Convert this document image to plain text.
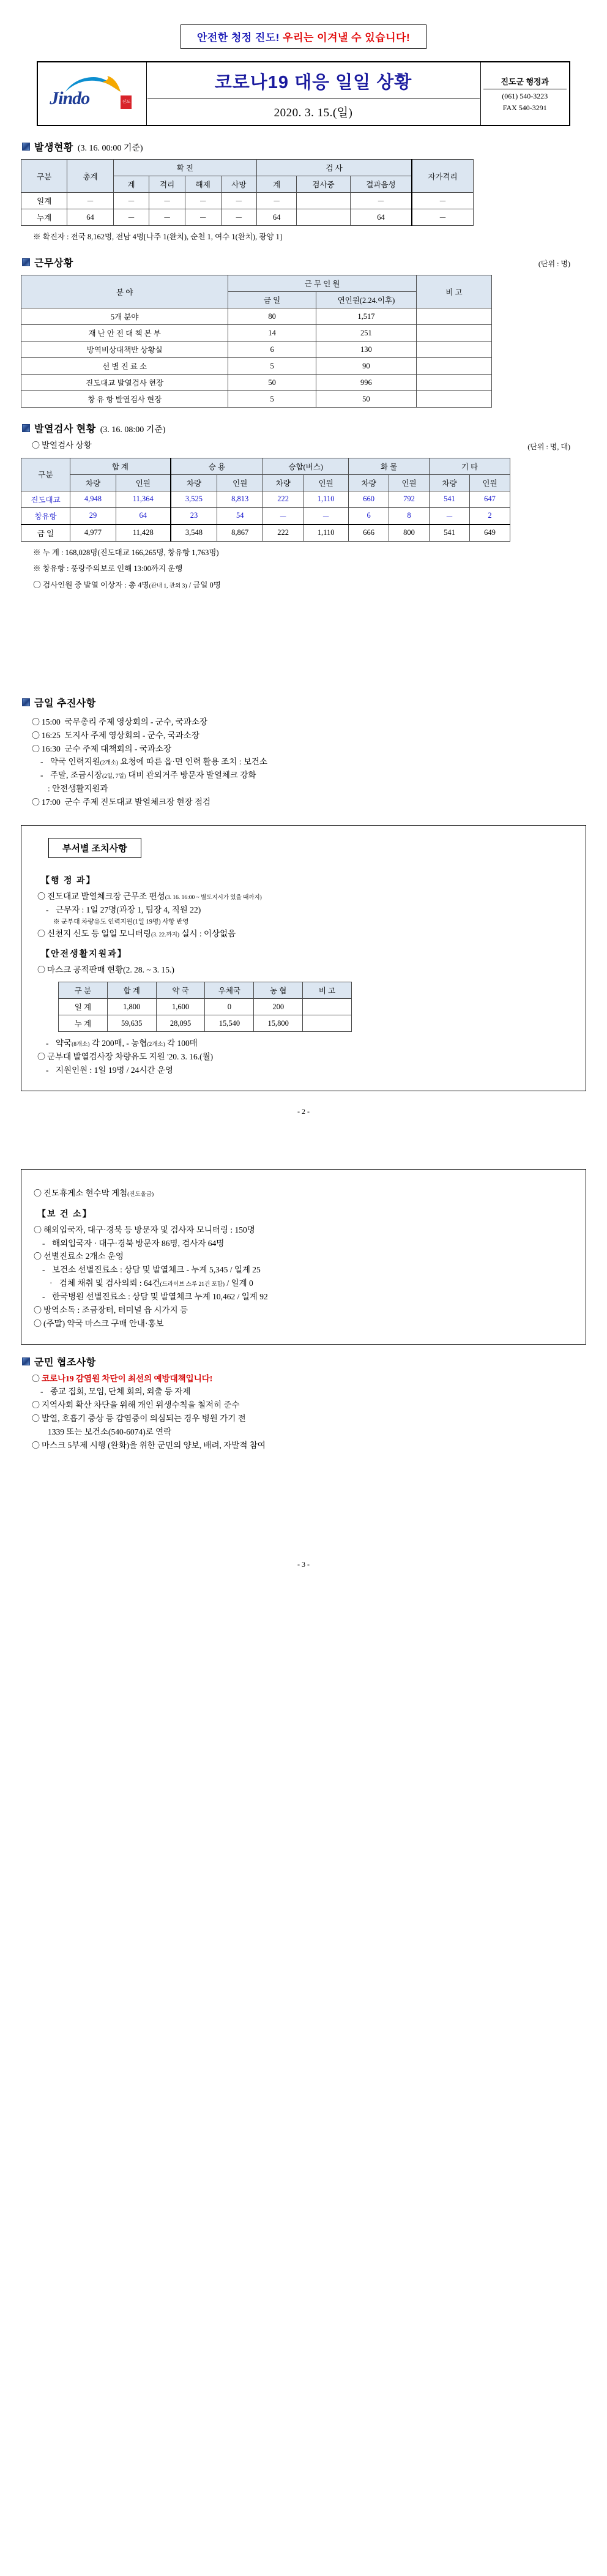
안전한 청정 진도! 우리는 이겨낼 수 있습니다!
Jindo	진도

코로나19 대응 일일 상황
2020. 3. 15.(일)

진도군 행정과
(061) 540-3223
FAX 540-3291
발생현황 (3. 16. 00:00 기준)
구분	총계	확 진				검 사			자가격리
		계	격리	해제	사망	계	검사중	결과음성	
일계	－	－	－	－	－	－		－	－
누계	64	－	－	－	－	64		64	－
※ 확진자 : 전국 8,162명, 전남 4명[나주 1(완치), 순천 1, 여수 1(완치), 광양 1]
근무상황	(단위 : 명)
분 야	근 무 인 원		비 고
	금 일	연인원(2.24.이후)	
5개 분야	80	1,517	
재 난 안 전 대 책 본 부	14	251	
방역비상대책반 상황실	6	130	
선 별 진 료 소	5	90	
진도대교 발열검사 현장	50	996	
창 유 항 발열검사 현장	5	50	
발열검사 현황 (3. 16. 08:00 기준)
〇 발열검사 상황	(단위 : 명, 대)
구분	합 계		승 용		승합(버스)		화 물		기 타	
	차량	인원	차량	인원	차량	인원	차량	인원	차량	인원
진도대교	4,948	11,364	3,525	8,813	222	1,110	660	792	541	647
창유항	29	64	23	54	－	－	6	8	－	2
금 일	4,977	11,428	3,548	8,867	222	1,110	666	800	541	649
※ 누 계 : 168,028명(진도대교 166,265명, 창유항 1,763명)
※ 창유항 : 풍랑주의보로 인해 13:00까지 운행
〇 검사인원 중 발열 이상자 : 총 4명(관내 1, 관외 3) / 금일 0명
금일 추진사항
〇 15:00 국무총리 주제 영상회의 - 군수, 국과소장
〇 16:25 도지사 주제 영상회의 - 군수, 국과소장
〇 16:30 군수 주제 대책회의 - 국과소장
- 약국 인력지원(2개소) 요청에 따른 읍·면 인력 활용 조치 : 보건소
- 주말, 조금시장(2일, 7일) 대비 관외거주 방문자 발열체크 강화
: 안전생활지원과
〇 17:00 군수 주제 진도대교 발열체크장 현장 점검
부서별 조치사항
【행 정 과】
〇 진도대교 발열체크장 근무조 편성(3. 16. 16:00 ~ 별도지시가 있을 때까지)
- 근무자 : 1일 27명(과장 1, 팀장 4, 직원 22)
※ 군부대 차량유도 인력지원(1일 19명) 사항 반영
〇 신천지 신도 등 일일 모니터링(3. 22.까지) 실시 : 이상없음
【안전생활지원과】
〇 마스크 공적판매 현황(2. 28. ~ 3. 15.)
구 분	합 계	약 국	우체국	농 협	비 고
일 계	1,800	1,600	0	200	
누 계	59,635	28,095	15,540	15,800	
- 약국(8개소) 각 200매, - 농협(2개소) 각 100매
〇 군부대 발열검사장 차량유도 지원 '20. 3. 16.(월)
- 지원인원 : 1일 19명 / 24시간 운영
- 2 -
〇 진도휴게소 현수막 게첨(진도올금)
【보 건 소】
〇 해외입국자, 대구·경북 등 방문자 및 검사자 모니터링 : 150명
- 해외입국자 · 대구·경북 방문자 86명, 검사자 64명
〇 선별진료소 2개소 운영
- 보건소 선별진료소 : 상담 및 발열체크 - 누계 5,345 / 일계 25
· 검체 채취 및 검사의뢰 : 64건(드라이브 스루 21건 포함) / 일계 0
- 한국병원 선별진료소 : 상담 및 발열체크 누계 10,462 / 일계 92
〇 방역소독 : 조금장터, 터미널 읍 시가지 등
〇 (주말) 약국 마스크 구매 안내·홍보
군민 협조사항
〇 코로나19 감염원 차단이 최선의 예방대책입니다!
- 종교 집회, 모임, 단체 회의, 외출 등 자제
〇 지역사회 확산 차단을 위해 개인 위생수칙을 철저히 준수
〇 발열, 호흡기 증상 등 감염증이 의심되는 경우 병원 가기 전
1339 또는 보건소(540-6074)로 연락
〇 마스크 5부제 시행 (완화)을 위한 군민의 양보, 배려, 자발적 참여
- 3 -
